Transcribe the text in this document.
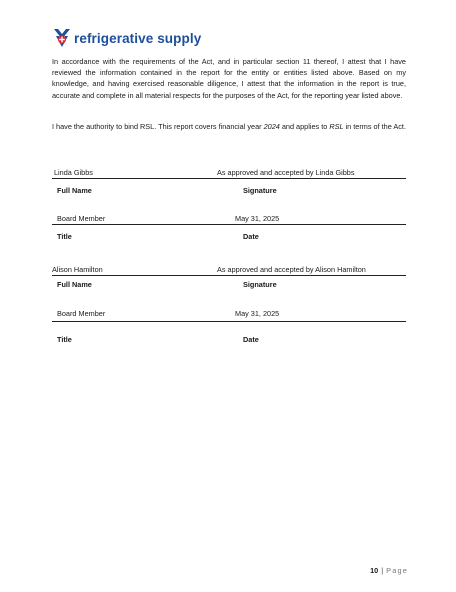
refrigerative supply

In accordance with the requirements of the Act, and in particular section 11 thereof, I attest that I have reviewed the information contained in the report for the entity or entities listed above. Based on my knowledge, and having exercised reasonable diligence, I attest that the information in the report is true, accurate and complete in all material respects for the purposes of the Act, for the reporting year listed above.

I have the authority to bind RSL. This report covers financial year 2024 and applies to RSL in terms of the Act.

Linda Gibbs	As approved and accepted by Linda Gibbs
Full Name	Signature
Board Member	May 31, 2025
Title	Date
Alison Hamilton	As approved and accepted by Alison Hamilton
Full Name	Signature
Board Member	May 31, 2025
Title	Date
10 | Page
